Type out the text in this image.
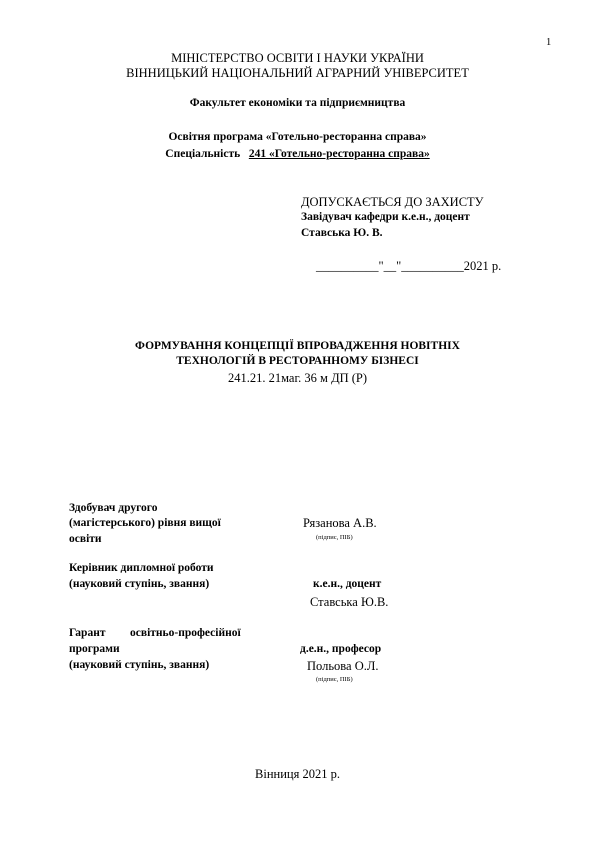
1
МІНІСТЕРСТВО ОСВІТИ І НАУКИ УКРАЇНИ
ВІННИЦЬКИЙ НАЦІОНАЛЬНИЙ АГРАРНИЙ УНІВЕРСИТЕТ
Факультет економіки та підприємництва
Освітня програма «Готельно-ресторанна справа»
Спеціальність 241 «Готельно-ресторанна справа»
ДОПУСКАЄТЬСЯ ДО ЗАХИСТУ
Завідувач кафедри к.е.н., доцент
Ставська Ю. В.
__________"__"__________2021 р.
ФОРМУВАННЯ КОНЦЕПЦІЇ ВПРОВАДЖЕННЯ НОВІТНІХ
ТЕХНОЛОГІЙ В РЕСТОРАННОМУ БІЗНЕСІ
241.21. 21маг. 36 м ДП (Р)
Здобувач другого
(магістерського) рівня вищої
освіти
Рязанова А.В.
(підпис, ПІБ)
Керівник дипломної роботи
(науковий ступінь, звання)	к.е.н., доцент
Ставська Ю.В.
Гарант освітньо-професійної
програми
(науковий ступінь, звання)
д.е.н., професор
Польова О.Л.
(підпис, ПІБ)
Вінниця 2021 р.
